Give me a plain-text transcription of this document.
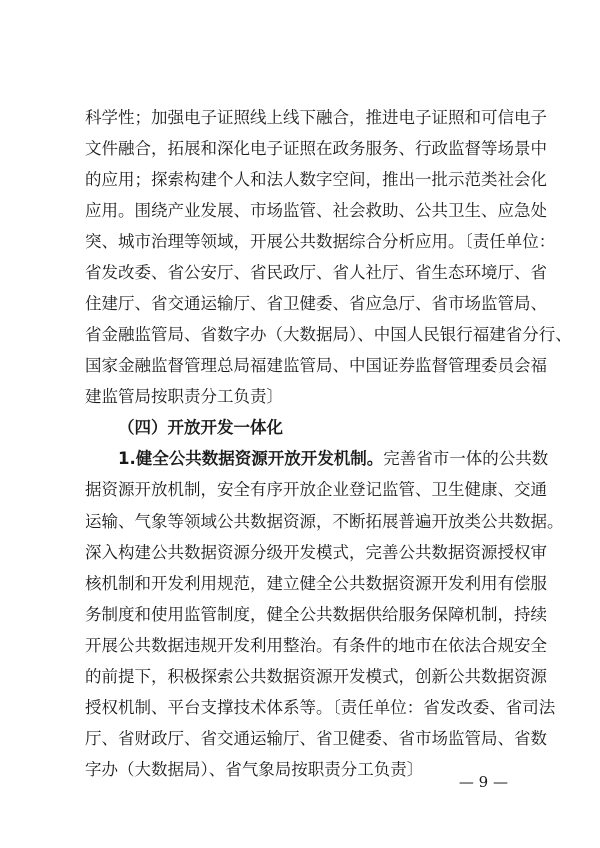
科学性；加强电子证照线上线下融合，推进电子证照和可信电子
文件融合，拓展和深化电子证照在政务服务、行政监督等场景中
的应用；探索构建个人和法人数字空间，推出一批示范类社会化
应用。围绕产业发展、市场监管、社会救助、公共卫生、应急处
突、城市治理等领域，开展公共数据综合分析应用。〔责任单位：
省发改委、省公安厅、省民政厅、省人社厅、省生态环境厅、省
住建厅、省交通运输厅、省卫健委、省应急厅、省市场监管局、
省金融监管局、省数字办（大数据局）、中国人民银行福建省分行、
国家金融监督管理总局福建监管局、中国证券监督管理委员会福
建监管局按职责分工负责〕
（四）开放开发一体化
1.健全公共数据资源开放开发机制。完善省市一体的公共数
据资源开放机制，安全有序开放企业登记监管、卫生健康、交通
运输、气象等领域公共数据资源，不断拓展普遍开放类公共数据。
深入构建公共数据资源分级开发模式，完善公共数据资源授权审
核机制和开发利用规范，建立健全公共数据资源开发利用有偿服
务制度和使用监管制度，健全公共数据供给服务保障机制，持续
开展公共数据违规开发利用整治。有条件的地市在依法合规安全
的前提下，积极探索公共数据资源开发模式，创新公共数据资源
授权机制、平台支撑技术体系等。〔责任单位：省发改委、省司法
厅、省财政厅、省交通运输厅、省卫健委、省市场监管局、省数
字办（大数据局）、省气象局按职责分工负责〕
— 9 —
